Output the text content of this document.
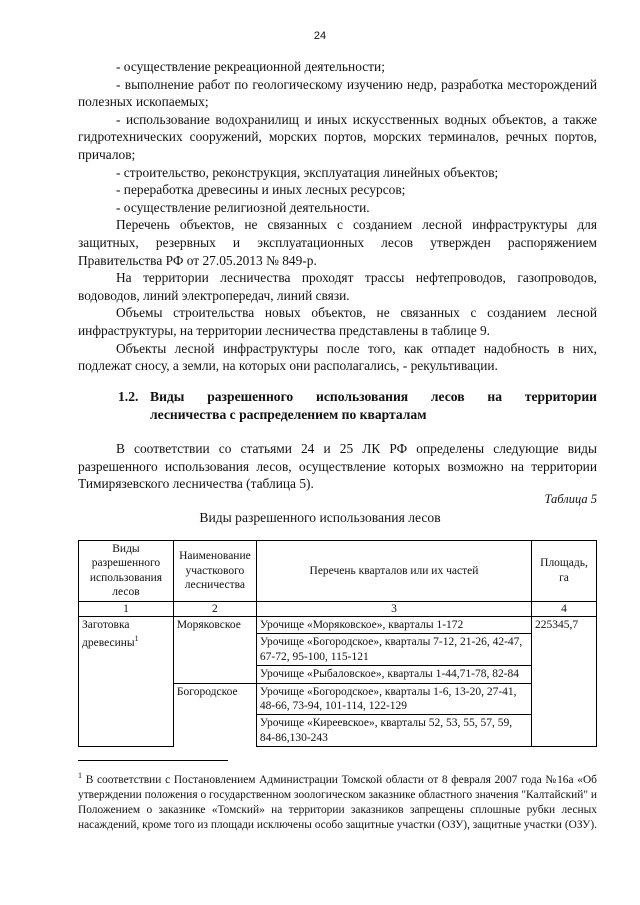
24

- осуществление рекреационной деятельности;

- выполнение работ по геологическому изучению недр, разработка месторождений полезных ископаемых;

- использование водохранилищ и иных искусственных водных объектов, а также гидротехнических сооружений, морских портов, морских терминалов, речных портов, причалов;

- строительство, реконструкция, эксплуатация линейных объектов;

- переработка древесины и иных лесных ресурсов;

- осуществление религиозной деятельности.

Перечень объектов, не связанных с созданием лесной инфраструктуры для защитных, резервных и эксплуатационных лесов утвержден распоряжением Правительства РФ от 27.05.2013 № 849-р.

На территории лесничества проходят трассы нефтепроводов, газопроводов, водоводов, линий электропередач, линий связи.

Объемы строительства новых объектов, не связанных с созданием лесной инфраструктуры, на территории лесничества представлены в таблице 9.

Объекты лесной инфраструктуры после того, как отпадет надобность в них, подлежат сносу, а земли, на которых они располагались, - рекультивации.

1.2. Виды разрешенного использования лесов на территории
лесничества с распределением по кварталам

В соответствии со статьями 24 и 25 ЛК РФ определены следующие виды разрешенного использования лесов, осуществление которых возможно на территории Тимирязевского лесничества (таблица 5).

Таблица 5
Виды разрешенного использования лесов
Виды разрешенного использования лесов	Наименование участкового лесничества	Перечень кварталов или их частей	Площадь, га
1	2	3	4
Заготовка древесины$^1$	Моряковское	Урочище «Моряковское», кварталы 1-172	225345,7
		Урочище «Богородское», кварталы 7-12, 21-26, 42-47, 67-72, 95-100, 115-121	
		Урочище «Рыбаловское», кварталы 1-44,71-78, 82-84	
	Богородское	Урочище «Богородское», кварталы 1-6, 13-20, 27-41, 48-66, 73-94, 101-114, 122-129	
		Урочище «Киреевское», кварталы 52, 53, 55, 57, 59, 84-86,130-243	
$^1$ В соответствии с Постановлением Администрации Томской области от 8 февраля 2007 года №16а «Об утверждении положения о государственном зоологическом заказнике областного значения "Калтайский" и Положением о заказнике «Томский» на территории заказников запрещены сплошные рубки лесных насаждений, кроме того из площади исключены особо защитные участки (ОЗУ), защитные участки (ОЗУ).
